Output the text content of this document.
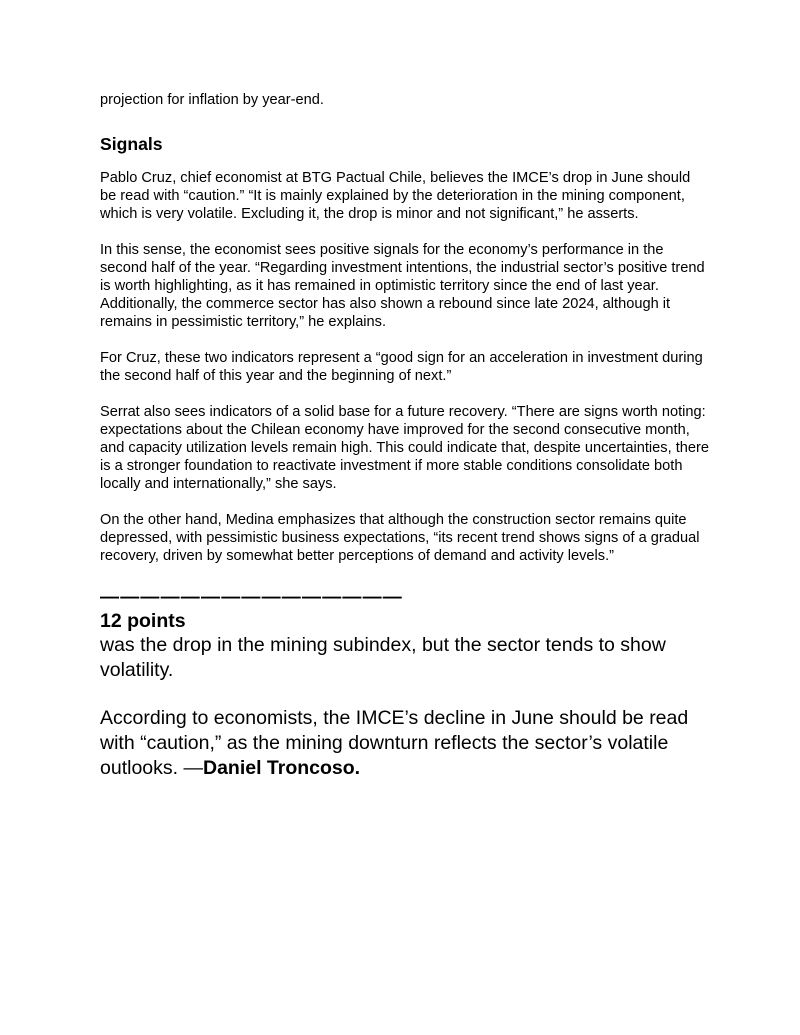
projection for inflation by year-end.

Signals

Pablo Cruz, chief economist at BTG Pactual Chile, believes the IMCE’s drop in June should be read with “caution.” “It is mainly explained by the deterioration in the mining component, which is very volatile. Excluding it, the drop is minor and not significant,” he asserts.

In this sense, the economist sees positive signals for the economy’s performance in the second half of the year. “Regarding investment intentions, the industrial sector’s positive trend is worth highlighting, as it has remained in optimistic territory since the end of last year. Additionally, the commerce sector has also shown a rebound since late 2024, although it remains in pessimistic territory,” he explains.

For Cruz, these two indicators represent a “good sign for an acceleration in investment during the second half of this year and the beginning of next.”

Serrat also sees indicators of a solid base for a future recovery. “There are signs worth noting: expectations about the Chilean economy have improved for the second consecutive month, and capacity utilization levels remain high. This could indicate that, despite uncertainties, there is a stronger foundation to reactivate investment if more stable conditions consolidate both locally and internationally,” she says.

On the other hand, Medina emphasizes that although the construction sector remains quite depressed, with pessimistic business expectations, “its recent trend shows signs of a gradual recovery, driven by somewhat better perceptions of demand and activity levels.”

———————————————
12 points

was the drop in the mining subindex, but the sector tends to show volatility.

According to economists, the IMCE’s decline in June should be read with “caution,” as the mining downturn reflects the sector’s volatile outlooks. —Daniel Troncoso.
